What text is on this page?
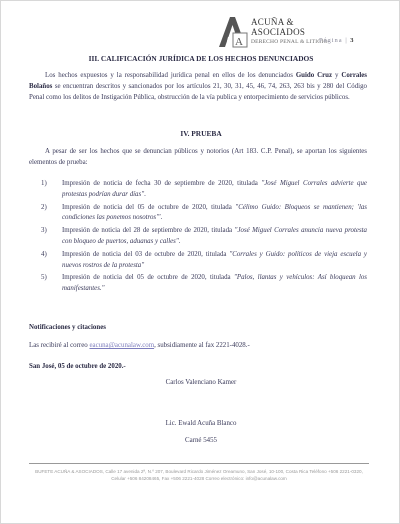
A
ACUÑA &
ASOCIADOS
DERECHO PENAL & LITIGIO
Página | 3
III. CALIFICACIÓN JURÍDICA DE LOS HECHOS DENUNCIADOS
Los hechos expuestos y la responsabilidad jurídica penal en ellos de los denunciados Guido Cruz y Corrales Bolaños se encuentran descritos y sancionados por los artículos 21, 30, 31, 45, 46, 74, 263, 263 bis y 280 del Código Penal como los delitos de Instigación Pública, obstrucción de la vía publica y entorpecimiento de servicios públicos.
IV. PRUEBA
A pesar de ser los hechos que se denuncian públicos y notorios (Art 183. C.P. Penal), se aportan los siguientes elementos de prueba:
1) Impresión de noticia de fecha 30 de septiembre de 2020, titulada "José Miguel Corrales advierte que protestas podrían durar días".
2) Impresión de noticia del 05 de octubre de 2020, titulada "Célimo Guido: Bloqueos se mantienen; 'las condiciones las ponemos nosotros'".
3) Impresión de noticia del 28 de septiembre de 2020, titulada "José Miguel Corrales anuncia nueva protesta con bloqueo de puertos, aduanas y calles".
4) Impresión de noticia del 03 de octubre de 2020, titulada "Corrales y Guido: políticos de vieja escuela y nuevos rostros de la protesta"
5) Impresión de noticia del 05 de octubre de 2020, titulada "Palos, llantas y vehículos: Así bloquean los manifestantes."
Notificaciones y citaciones
Las recibiré al correo eacuna@acunalaw.com, subsidiamente al fax 2221-4028.-
San José, 05 de octubre de 2020.-
Carlos Valenciano Kamer
Lic. Ewald Acuña Blanco
Carné 5455
BUFETE ACUÑA & ASOCIADOS, Calle 17 avenida 2ª, N.º 207, Boulevard Ricardo Jiménez Oreamuno, San José, 10-100, Costa Rica Teléfono +506 2221-0320, Celular +506 84208465, Fax +506 2221-4028 Correo electrónico: info@acunalaw.com
